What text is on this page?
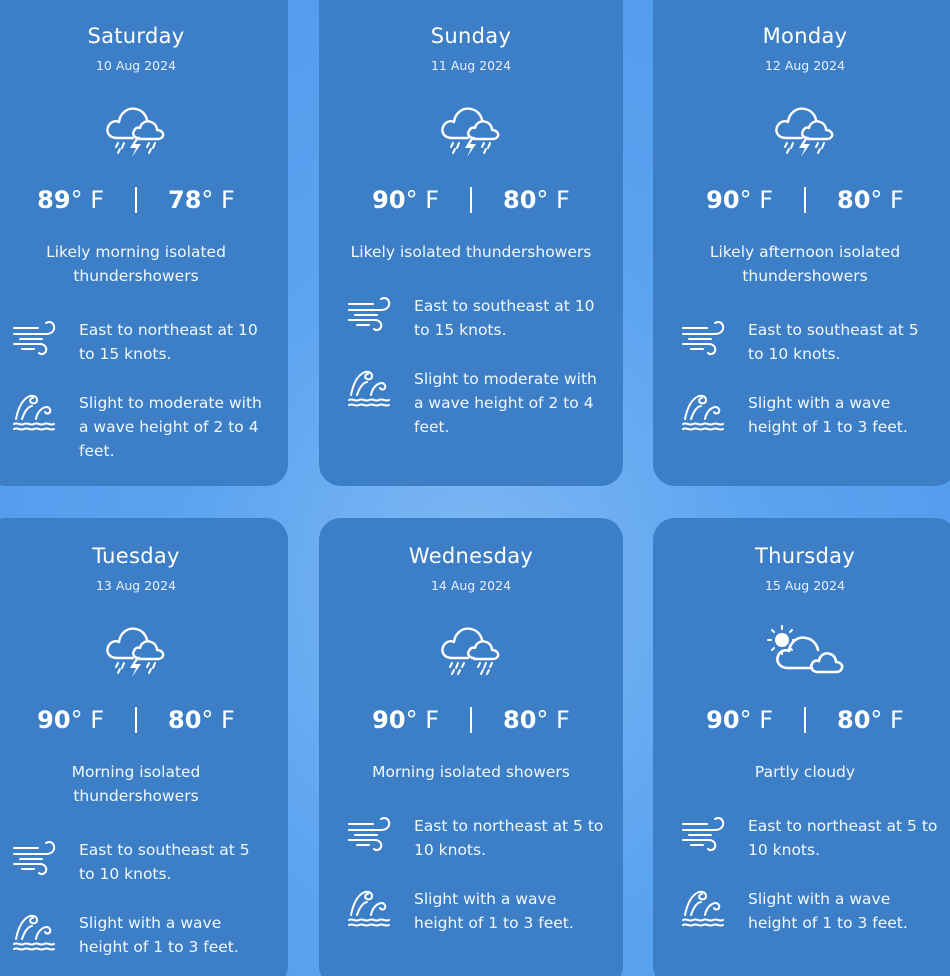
Saturday
10 Aug 2024
89° F	78° F
Likely morning isolated thundershowers
East to northeast at 10 to 15 knots.
Slight to moderate with a wave height of 2 to 4 feet.
Sunday
11 Aug 2024
90° F	80° F
Likely isolated thundershowers
East to southeast at 10 to 15 knots.
Slight to moderate with a wave height of 2 to 4 feet.
Monday
12 Aug 2024
90° F	80° F
Likely afternoon isolated thundershowers
East to southeast at 5 to 10 knots.
Slight with a wave height of 1 to 3 feet.
Tuesday
13 Aug 2024
90° F	80° F
Morning isolated thundershowers
East to southeast at 5 to 10 knots.
Slight with a wave height of 1 to 3 feet.
Wednesday
14 Aug 2024
90° F	80° F
Morning isolated showers
East to northeast at 5 to 10 knots.
Slight with a wave height of 1 to 3 feet.
Thursday
15 Aug 2024
90° F	80° F
Partly cloudy
East to northeast at 5 to 10 knots.
Slight with a wave height of 1 to 3 feet.
